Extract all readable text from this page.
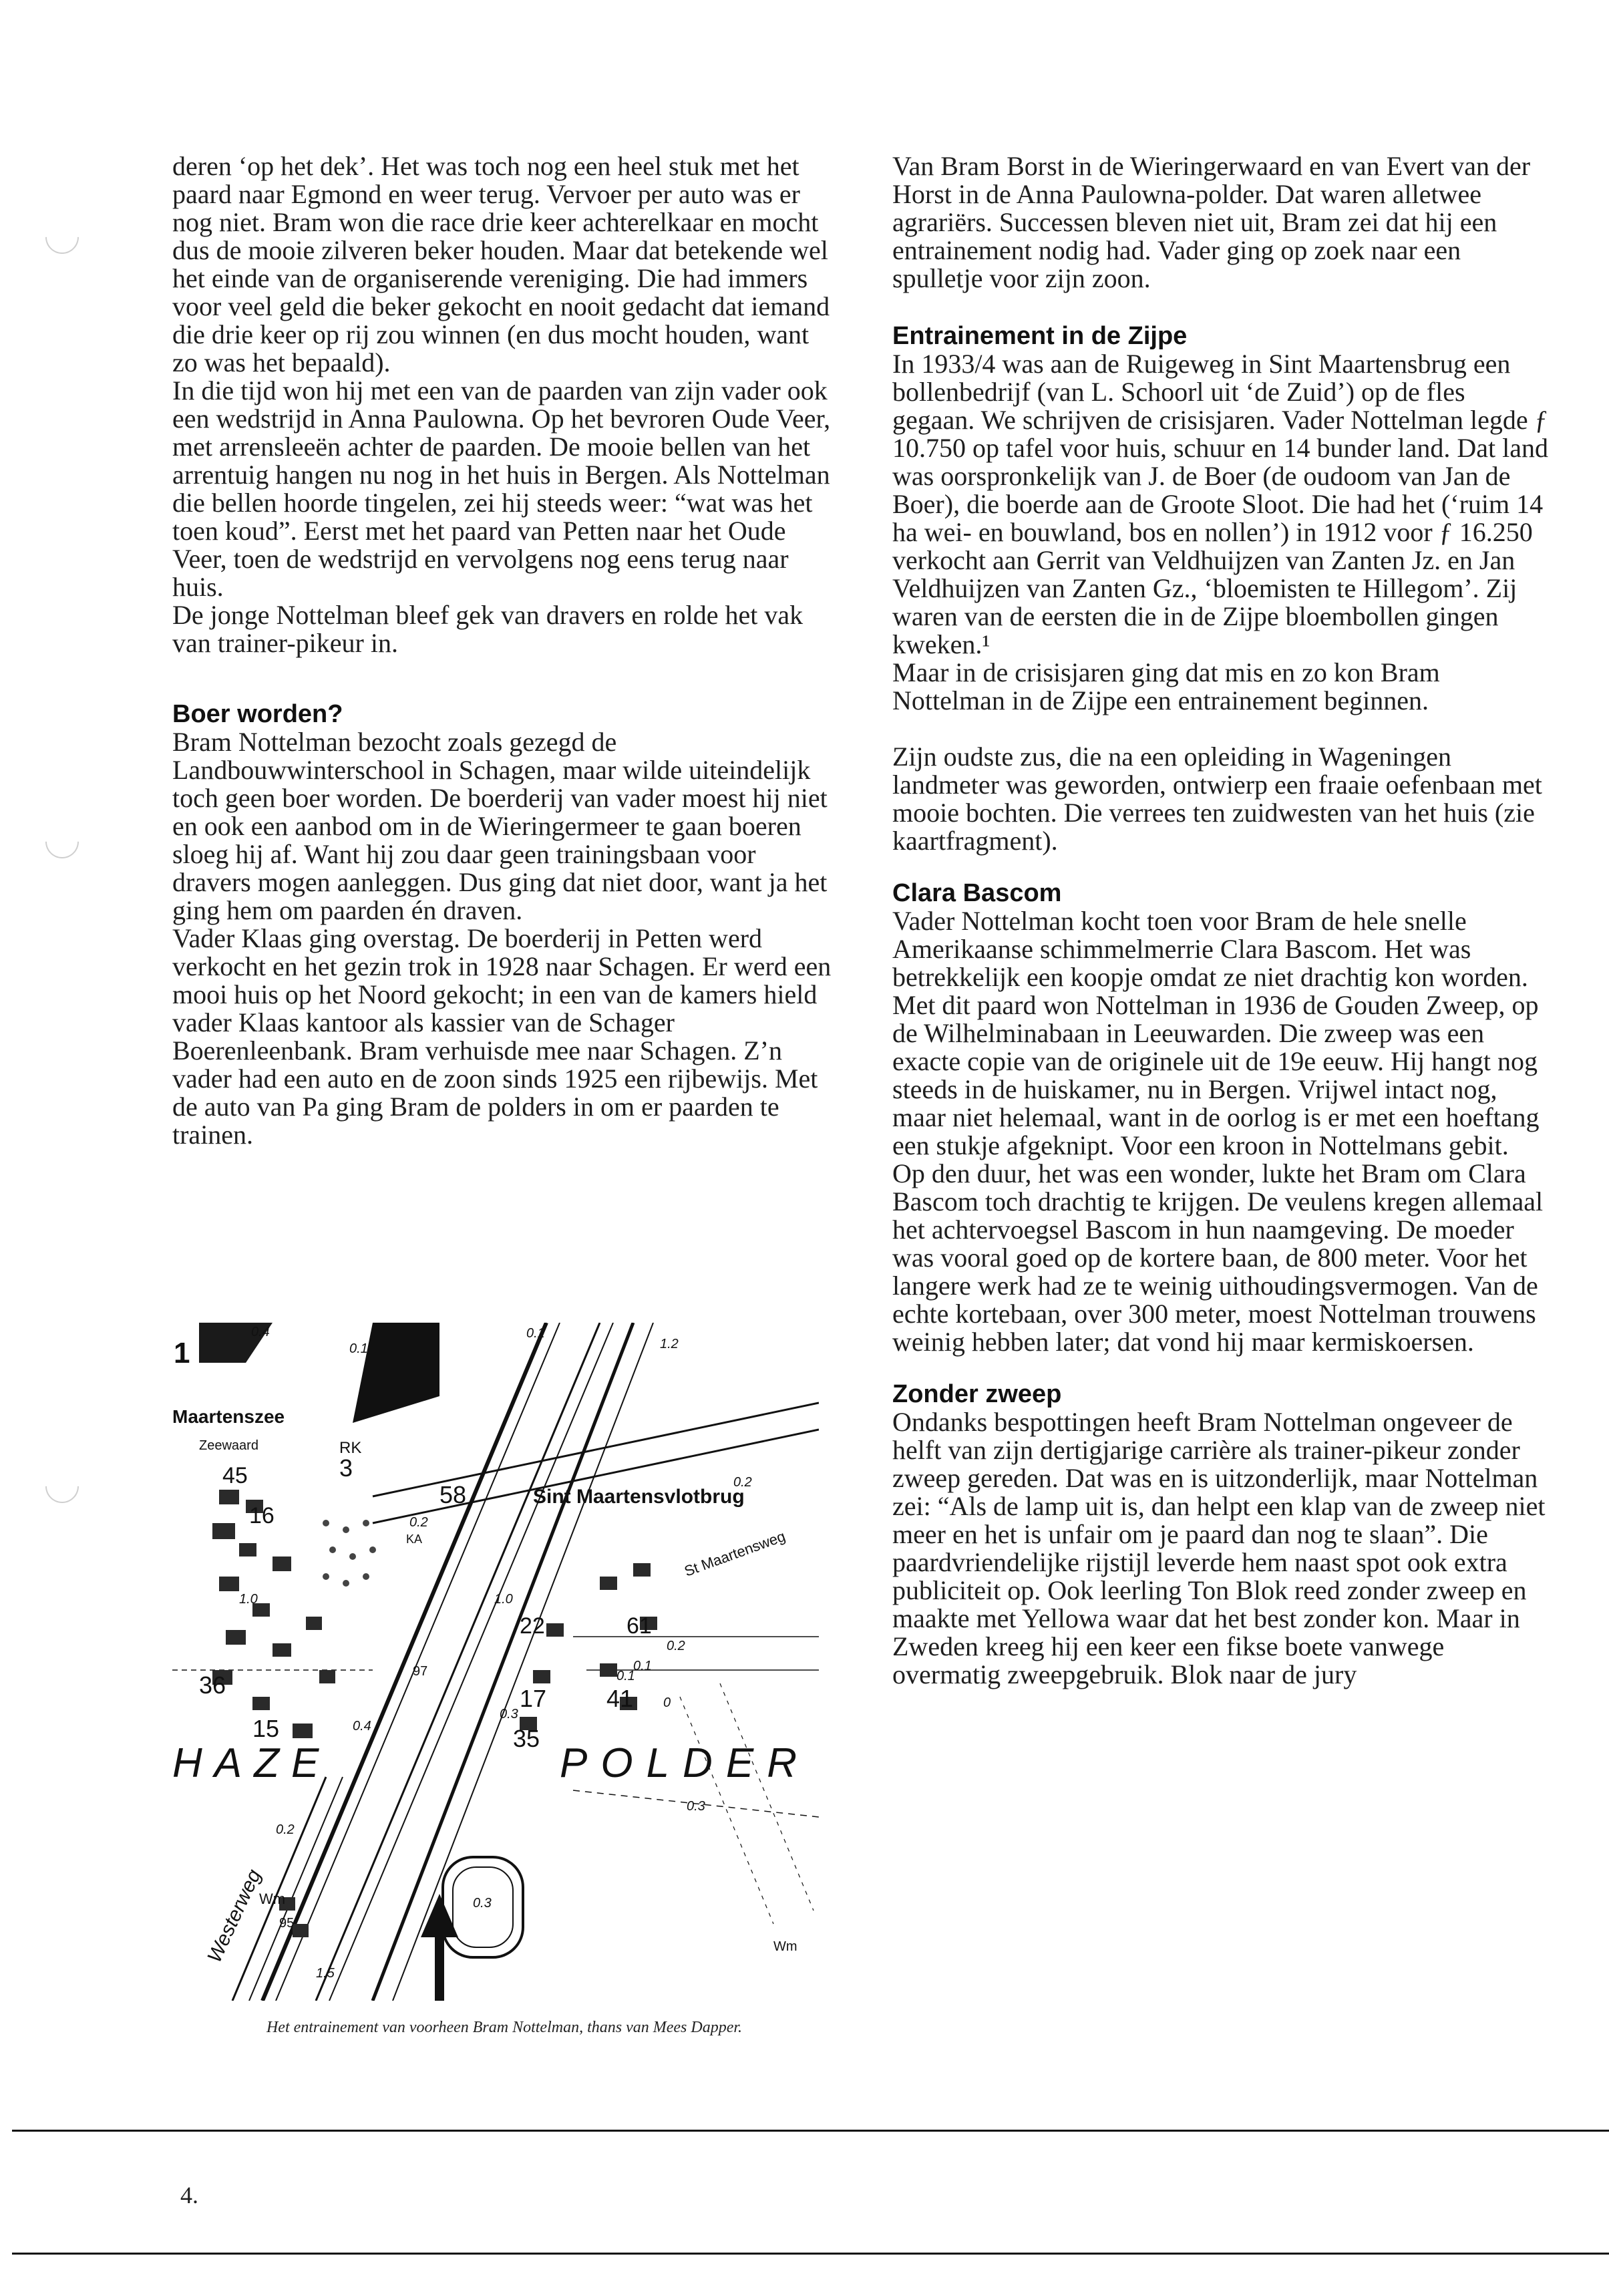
deren ‘op het dek’. Het was toch nog een heel stuk met het paard naar Egmond en weer terug. Vervoer per auto was er nog niet. Bram won die race drie keer achterelkaar en mocht dus de mooie zilveren beker houden. Maar dat betekende wel het einde van de organiserende vereniging. Die had immers voor veel geld die beker gekocht en nooit gedacht dat iemand die drie keer op rij zou winnen (en dus mocht houden, want zo was het bepaald).

In die tijd won hij met een van de paarden van zijn vader ook een wedstrijd in Anna Paulowna. Op het bevroren Oude Veer, met arrensleeën achter de paarden. De mooie bellen van het arrentuig hangen nu nog in het huis in Bergen. Als Nottelman die bellen hoorde tingelen, zei hij steeds weer: “wat was het toen koud”. Eerst met het paard van Petten naar het Oude Veer, toen de wedstrijd en vervolgens nog eens terug naar huis.

De jonge Nottelman bleef gek van dravers en rolde het vak van trainer-pikeur in.

Boer worden?

Bram Nottelman bezocht zoals gezegd de Landbouwwinterschool in Schagen, maar wilde uiteindelijk toch geen boer worden. De boerderij van vader moest hij niet en ook een aanbod om in de Wieringermeer te gaan boeren sloeg hij af. Want hij zou daar geen trainingsbaan voor dravers mogen aanleggen. Dus ging dat niet door, want ja het ging hem om paarden én draven.

Vader Klaas ging overstag. De boerderij in Petten werd verkocht en het gezin trok in 1928 naar Schagen. Er werd een mooi huis op het Noord gekocht; in een van de kamers hield vader Klaas kantoor als kassier van de Schager Boerenleenbank. Bram verhuisde mee naar Schagen. Z’n vader had een auto en de zoon sinds 1925 een rijbewijs. Met de auto van Pa ging Bram de polders in om er paarden te trainen.

Van Bram Borst in de Wieringerwaard en van Evert van der Horst in de Anna Paulowna-polder. Dat waren alletwee agrariërs. Successen bleven niet uit, Bram zei dat hij een entrainement nodig had. Vader ging op zoek naar een spulletje voor zijn zoon.

Entrainement in de Zijpe

In 1933/4 was aan de Ruigeweg in Sint Maartensbrug een bollenbedrijf (van L. Schoorl uit ‘de Zuid’) op de fles gegaan. We schrijven de crisisjaren. Vader Nottelman legde ƒ 10.750 op tafel voor huis, schuur en 14 bunder land. Dat land was oorspronkelijk van J. de Boer (de oudoom van Jan de Boer), die boerde aan de Groote Sloot. Die had het (‘ruim 14 ha wei- en bouwland, bos en nollen’) in 1912 voor ƒ 16.250 verkocht aan Gerrit van Veldhuijzen van Zanten Jz. en Jan Veldhuijzen van Zanten Gz., ‘bloemisten te Hillegom’. Zij waren van de eersten die in de Zijpe bloembollen gingen kweken.¹

Maar in de crisisjaren ging dat mis en zo kon Bram Nottelman in de Zijpe een entrainement beginnen.

Zijn oudste zus, die na een opleiding in Wageningen landmeter was geworden, ontwierp een fraaie oefenbaan met mooie bochten. Die verrees ten zuidwesten van het huis (zie kaartfragment).

Clara Bascom

Vader Nottelman kocht toen voor Bram de hele snelle Amerikaanse schimmelmerrie Clara Bascom. Het was betrekkelijk een koopje omdat ze niet drachtig kon worden. Met dit paard won Nottelman in 1936 de Gouden Zweep, op de Wilhelminabaan in Leeuwarden. Die zweep was een exacte copie van de originele uit de 19e eeuw. Hij hangt nog steeds in de huiskamer, nu in Bergen. Vrijwel intact nog, maar niet helemaal, want in de oorlog is er met een hoeftang een stukje afgeknipt. Voor een kroon in Nottelmans gebit.

Op den duur, het was een wonder, lukte het Bram om Clara Bascom toch drachtig te krijgen. De veulens kregen allemaal het achtervoegsel Bascom in hun naamgeving. De moeder was vooral goed op de kortere baan, de 800 meter. Voor het langere werk had ze te weinig uithoudingsvermogen. Van de echte kortebaan, over 300 meter, moest Nottelman trouwens weinig hebben later; dat vond hij maar kermiskoersen.

Zonder zweep

Ondanks bespottingen heeft Bram Nottelman ongeveer de helft van zijn dertigjarige carrière als trainer-pikeur zonder zweep gereden. Dat was en is uitzonderlijk, maar Nottelman zei: “Als de lamp uit is, dan helpt een klap van de zweep niet meer en het is unfair om je paard dan nog te slaan”. Die paardvriendelijke rijstijl leverde hem naast spot ook extra publiciteit op. Ook leerling Ton Blok reed zonder zweep en maakte met Yellowa waar dat het best zonder kon. Maar in Zweden kreeg hij een keer een fikse boete vanwege overmatig zweepgebruik. Blok naar de jury

1
Maartenszee
Zeewaard
45
RK
3
16
58	Sint Maartensvlotbrug
St Maartensweg
KA
36
15
HAZE
17
35
41
22	61
POLDER
97
Wm
95
Wm
Westerweg
0.4
0.1
0.1
1.2
0.2
0.2
1.0	1.0
0.4
0.3
0.3
0.2
1.5
0.1
0.1
0.3
0.2
0
Het entrainement van voorheen Bram Nottelman, thans van Mees Dapper.
4.
